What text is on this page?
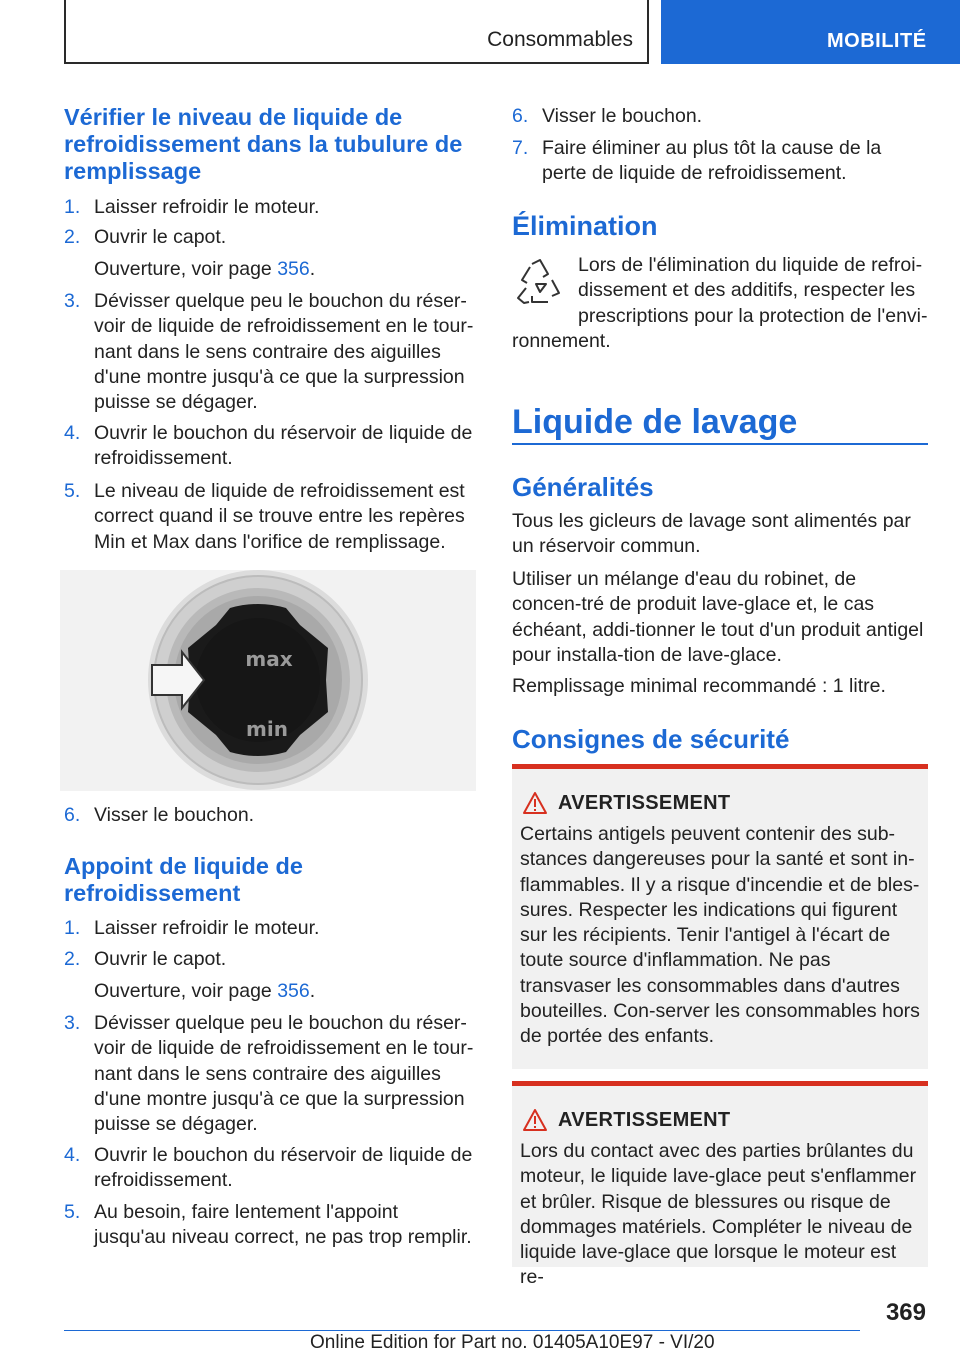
Consommables	MOBILITÉ
Vérifier le niveau de liquide de refroidissement dans la tubulure de remplissage
1. Laisser refroidir le moteur.
2. Ouvrir le capot.
Ouverture, voir page 356.
3. Dévisser quelque peu le bouchon du réser-voir de liquide de refroidissement en le tour-nant dans le sens contraire des aiguilles d'une montre jusqu'à ce que la surpression puisse se dégager.
4. Ouvrir le bouchon du réservoir de liquide de refroidissement.
5. Le niveau de liquide de refroidissement est correct quand il se trouve entre les repères Min et Max dans l'orifice de remplissage.
6. Visser le bouchon.
Appoint de liquide de refroidissement
1. Laisser refroidir le moteur.
2. Ouvrir le capot.
Ouverture, voir page 356.
3. Dévisser quelque peu le bouchon du réser-voir de liquide de refroidissement en le tour-nant dans le sens contraire des aiguilles d'une montre jusqu'à ce que la surpression puisse se dégager.
4. Ouvrir le bouchon du réservoir de liquide de refroidissement.
5. Au besoin, faire lentement l'appoint jusqu'au niveau correct, ne pas trop remplir.
max
min
6. Visser le bouchon.
7. Faire éliminer au plus tôt la cause de la perte de liquide de refroidissement.
Élimination

Lors de l'élimination du liquide de refroi-dissement et des additifs, respecter les prescriptions pour la protection de l'envi-

ronnement.

Liquide de lavage
Généralités

Tous les gicleurs de lavage sont alimentés par un réservoir commun.

Utiliser un mélange d'eau du robinet, de concen-tré de produit lave-glace et, le cas échéant, addi-tionner le tout d'un produit antigel pour installa-tion de lave-glace.

Remplissage minimal recommandé : 1 litre.

Consignes de sécurité
AVERTISSEMENT
Certains antigels peuvent contenir des sub-stances dangereuses pour la santé et sont in-flammables. Il y a risque d'incendie et de bles-sures. Respecter les indications qui figurent sur les récipients. Tenir l'antigel à l'écart de toute source d'inflammation. Ne pas transvaser les consommables dans d'autres bouteilles. Con-server les consommables hors de portée des enfants.
AVERTISSEMENT
Lors du contact avec des parties brûlantes du moteur, le liquide lave-glace peut s'enflammer et brûler. Risque de blessures ou risque de dommages matériels. Compléter le niveau de liquide lave-glace que lorsque le moteur est re-
369
Online Edition for Part no. 01405A10E97 - VI/20
